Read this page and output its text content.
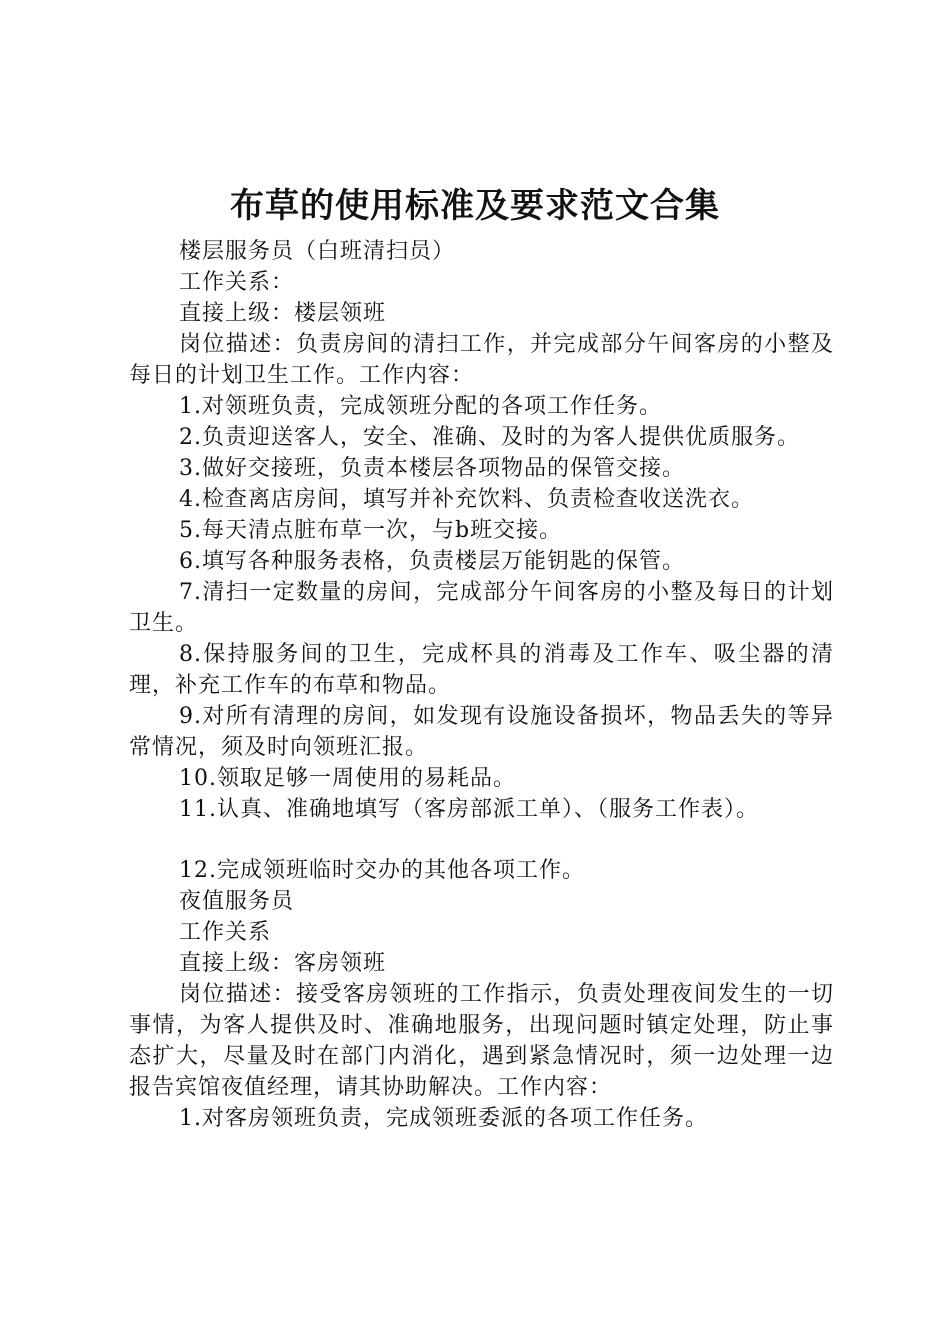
布草的使用标准及要求范文合集

楼层服务员（白班清扫员）

工作关系：

直接上级：楼层领班

岗位描述：负责房间的清扫工作，并完成部分午间客房的小整及每日的计划卫生工作。工作内容：

1.对领班负责，完成领班分配的各项工作任务。

2.负责迎送客人，安全、准确、及时的为客人提供优质服务。

3.做好交接班，负责本楼层各项物品的保管交接。

4.检查离店房间，填写并补充饮料、负责检查收送洗衣。

5.每天清点脏布草一次，与b班交接。

6.填写各种服务表格，负责楼层万能钥匙的保管。

7.清扫一定数量的房间，完成部分午间客房的小整及每日的计划卫生。

8.保持服务间的卫生，完成杯具的消毒及工作车、吸尘器的清理，补充工作车的布草和物品。

9.对所有清理的房间，如发现有设施设备损坏，物品丢失的等异常情况，须及时向领班汇报。

10.领取足够一周使用的易耗品。

11.认真、准确地填写（客房部派工单）、（服务工作表）。

12.完成领班临时交办的其他各项工作。

夜值服务员

工作关系

直接上级：客房领班

岗位描述：接受客房领班的工作指示，负责处理夜间发生的一切事情，为客人提供及时、准确地服务，出现问题时镇定处理，防止事态扩大，尽量及时在部门内消化，遇到紧急情况时，须一边处理一边报告宾馆夜值经理，请其协助解决。工作内容：

1.对客房领班负责，完成领班委派的各项工作任务。
